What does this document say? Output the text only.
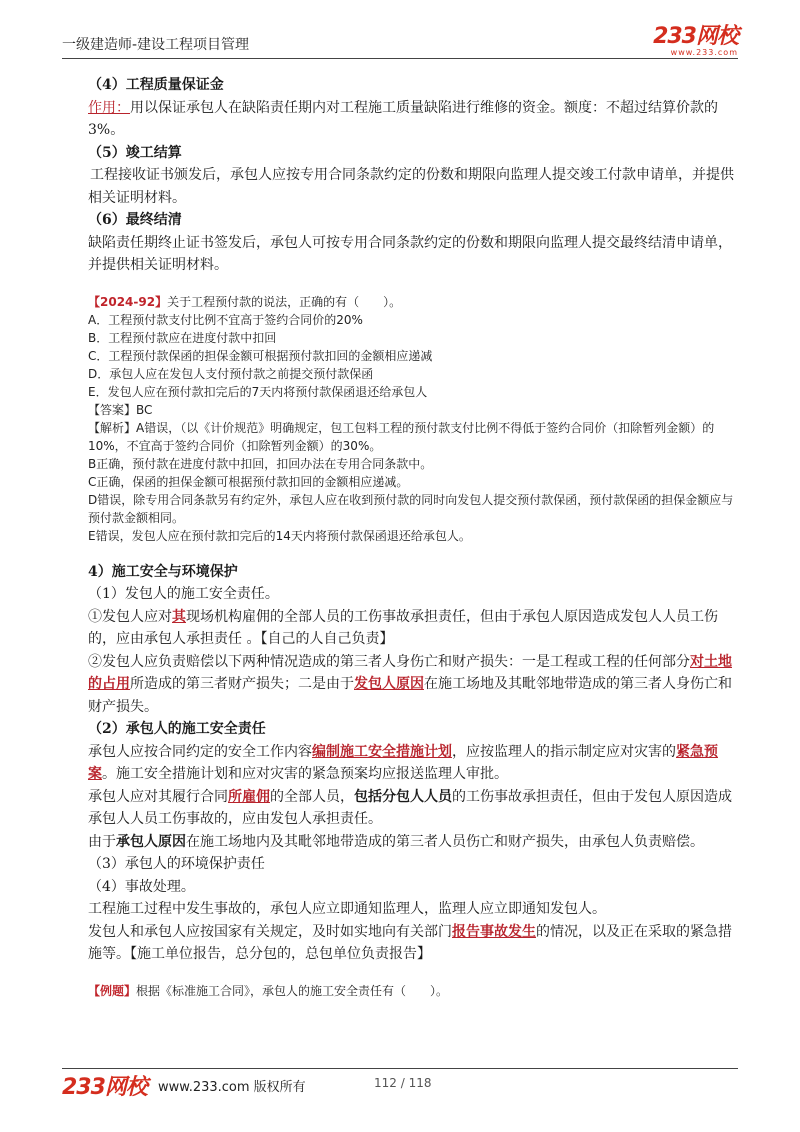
一级建造师-建设工程项目管理	233网校
www.233.com

（4）工程质量保证金

作用：用以保证承包人在缺陷责任期内对工程施工质量缺陷进行维修的资金。额度：不超过结算价款的3%。

（5）竣工结算

工程接收证书颁发后，承包人应按专用合同条款约定的份数和期限向监理人提交竣工付款申请单，并提供相关证明材料。

（6）最终结清

缺陷责任期终止证书签发后，承包人可按专用合同条款约定的份数和期限向监理人提交最终结清申请单，并提供相关证明材料。

【2024-92】关于工程预付款的说法，正确的有（　　）。

A．工程预付款支付比例不宜高于签约合同价的20%

B．工程预付款应在进度付款中扣回

C．工程预付款保函的担保金额可根据预付款扣回的金额相应递减

D．承包人应在发包人支付预付款之前提交预付款保函

E．发包人应在预付款扣完后的7天内将预付款保函退还给承包人

【答案】BC

【解析】A错误，（以《计价规范》明确规定，包工包料工程的预付款支付比例不得低于签约合同价（扣除暂列金额）的10%，不宜高于签约合同价（扣除暂列金额）的30%。

B正确，预付款在进度付款中扣回，扣回办法在专用合同条款中。

C正确，保函的担保金额可根据预付款扣回的金额相应递减。

D错误，除专用合同条款另有约定外，承包人应在收到预付款的同时向发包人提交预付款保函，预付款保函的担保金额应与预付款金额相同。

E错误，发包人应在预付款扣完后的14天内将预付款保函退还给承包人。

4）施工安全与环境保护

（1）发包人的施工安全责任。

①发包人应对其现场机构雇佣的全部人员的工伤事故承担责任，但由于承包人原因造成发包人人员工伤的，应由承包人承担责任 。【自己的人自己负责】

②发包人应负责赔偿以下两种情况造成的第三者人身伤亡和财产损失：一是工程或工程的任何部分对土地的占用所造成的第三者财产损失；二是由于发包人原因在施工场地及其毗邻地带造成的第三者人身伤亡和财产损失。

（2）承包人的施工安全责任

承包人应按合同约定的安全工作内容编制施工安全措施计划，应按监理人的指示制定应对灾害的紧急预案。施工安全措施计划和应对灾害的紧急预案均应报送监理人审批。

承包人应对其履行合同所雇佣的全部人员，包括分包人人员的工伤事故承担责任，但由于发包人原因造成承包人人员工伤事故的，应由发包人承担责任。

由于承包人原因在施工场地内及其毗邻地带造成的第三者人员伤亡和财产损失，由承包人负责赔偿。

（3）承包人的环境保护责任

（4）事故处理。

工程施工过程中发生事故的，承包人应立即通知监理人，监理人应立即通知发包人。

发包人和承包人应按国家有关规定，及时如实地向有关部门报告事故发生的情况，以及正在采取的紧急措施等。【施工单位报告，总分包的，总包单位负责报告】

【例题】根据《标准施工合同》，承包人的施工安全责任有（　　）。

233网校 www.233.com 版权所有	112 / 118
